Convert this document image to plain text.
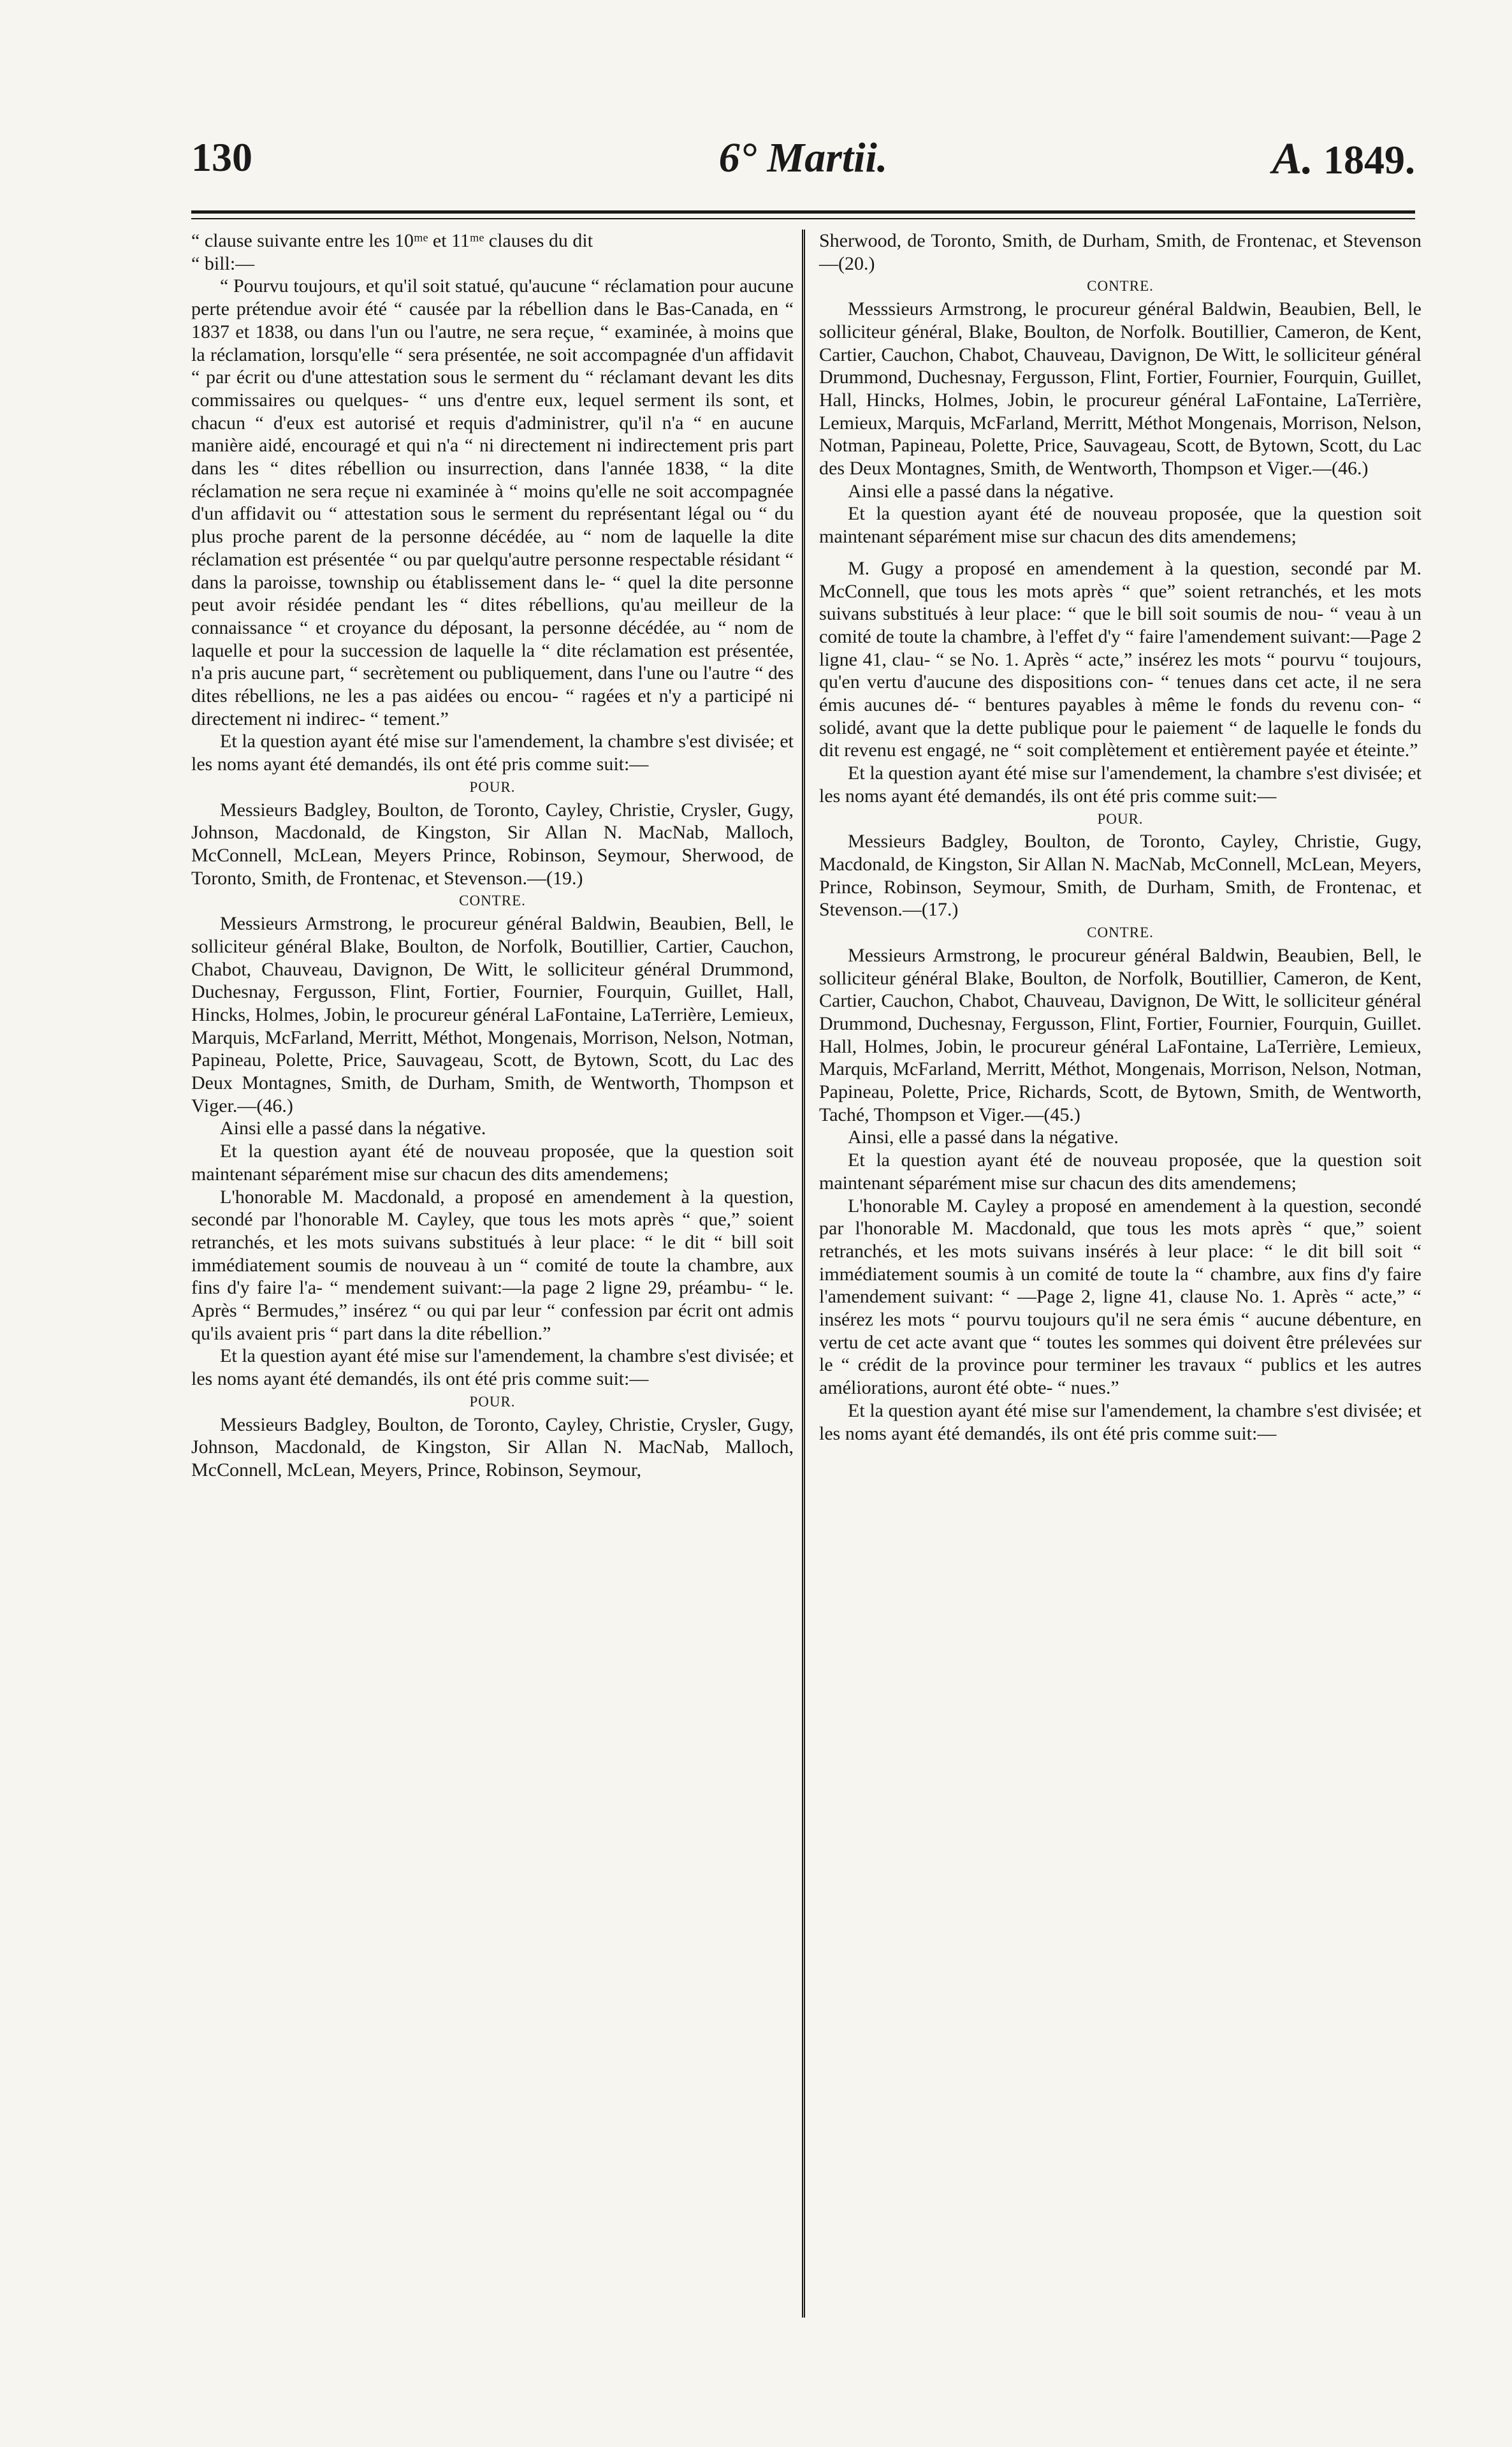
130	6° Martii.	A. 1849.

“ clause suivante entre les 10ᵐᵉ et 11ᵐᵉ clauses du dit
“ bill:—

“ Pourvu toujours, et qu'il soit statué, qu'aucune “ réclamation pour aucune perte prétendue avoir été “ causée par la rébellion dans le Bas-Canada, en “ 1837 et 1838, ou dans l'un ou l'autre, ne sera reçue, “ examinée, à moins que la réclamation, lorsqu'elle “ sera présentée, ne soit accompagnée d'un affidavit “ par écrit ou d'une attestation sous le serment du “ réclamant devant les dits commissaires ou quelques- “ uns d'entre eux, lequel serment ils sont, et chacun “ d'eux est autorisé et requis d'administrer, qu'il n'a “ en aucune manière aidé, encouragé et qui n'a “ ni directement ni indirectement pris part dans les “ dites rébellion ou insurrection, dans l'année 1838, “ la dite réclamation ne sera reçue ni examinée à “ moins qu'elle ne soit accompagnée d'un affidavit ou “ attestation sous le serment du représentant légal ou “ du plus proche parent de la personne décédée, au “ nom de laquelle la dite réclamation est présentée “ ou par quelqu'autre personne respectable résidant “ dans la paroisse, township ou établissement dans le- “ quel la dite personne peut avoir résidée pendant les “ dites rébellions, qu'au meilleur de la connaissance “ et croyance du déposant, la personne décédée, au “ nom de laquelle et pour la succession de laquelle la “ dite réclamation est présentée, n'a pris aucune part, “ secrètement ou publiquement, dans l'une ou l'autre “ des dites rébellions, ne les a pas aidées ou encou- “ ragées et n'y a participé ni directement ni indirec- “ tement.”

Et la question ayant été mise sur l'amendement, la chambre s'est divisée; et les noms ayant été demandés, ils ont été pris comme suit:—

POUR.

Messieurs Badgley, Boulton, de Toronto, Cayley, Christie, Crysler, Gugy, Johnson, Macdonald, de Kingston, Sir Allan N. MacNab, Malloch, McConnell, McLean, Meyers Prince, Robinson, Seymour, Sherwood, de Toronto, Smith, de Frontenac, et Stevenson.—(19.)

CONTRE.

Messieurs Armstrong, le procureur général Baldwin, Beaubien, Bell, le solliciteur général Blake, Boulton, de Norfolk, Boutillier, Cartier, Cauchon, Chabot, Chauveau, Davignon, De Witt, le solliciteur général Drummond, Duchesnay, Fergusson, Flint, Fortier, Fournier, Fourquin, Guillet, Hall, Hincks, Holmes, Jobin, le procureur général LaFontaine, LaTerrière, Lemieux, Marquis, McFarland, Merritt, Méthot, Mongenais, Morrison, Nelson, Notman, Papineau, Polette, Price, Sauvageau, Scott, de Bytown, Scott, du Lac des Deux Montagnes, Smith, de Durham, Smith, de Wentworth, Thompson et Viger.—(46.)

Ainsi elle a passé dans la négative.

Et la question ayant été de nouveau proposée, que la question soit maintenant séparément mise sur chacun des dits amendemens;

L'honorable M. Macdonald, a proposé en amendement à la question, secondé par l'honorable M. Cayley, que tous les mots après “ que,” soient retranchés, et les mots suivans substitués à leur place: “ le dit “ bill soit immédiatement soumis de nouveau à un “ comité de toute la chambre, aux fins d'y faire l'a- “ mendement suivant:—la page 2 ligne 29, préambu- “ le. Après “ Bermudes,” insérez “ ou qui par leur “ confession par écrit ont admis qu'ils avaient pris “ part dans la dite rébellion.”

Et la question ayant été mise sur l'amendement, la chambre s'est divisée; et les noms ayant été demandés, ils ont été pris comme suit:—

POUR.

Messieurs Badgley, Boulton, de Toronto, Cayley, Christie, Crysler, Gugy, Johnson, Macdonald, de Kingston, Sir Allan N. MacNab, Malloch, McConnell, McLean, Meyers, Prince, Robinson, Seymour,

Sherwood, de Toronto, Smith, de Durham, Smith, de Frontenac, et Stevenson—(20.)

CONTRE.

Messsieurs Armstrong, le procureur général Baldwin, Beaubien, Bell, le solliciteur général, Blake, Boulton, de Norfolk. Boutillier, Cameron, de Kent, Cartier, Cauchon, Chabot, Chauveau, Davignon, De Witt, le solliciteur général Drummond, Duchesnay, Fergusson, Flint, Fortier, Fournier, Fourquin, Guillet, Hall, Hincks, Holmes, Jobin, le procureur général LaFontaine, LaTerrière, Lemieux, Marquis, McFarland, Merritt, Méthot Mongenais, Morrison, Nelson, Notman, Papineau, Polette, Price, Sauvageau, Scott, de Bytown, Scott, du Lac des Deux Montagnes, Smith, de Wentworth, Thompson et Viger.—(46.)

Ainsi elle a passé dans la négative.

Et la question ayant été de nouveau proposée, que la question soit maintenant séparément mise sur chacun des dits amendemens;

M. Gugy a proposé en amendement à la question, secondé par M. McConnell, que tous les mots après “ que” soient retranchés, et les mots suivans substitués à leur place: “ que le bill soit soumis de nou- “ veau à un comité de toute la chambre, à l'effet d'y “ faire l'amendement suivant:—Page 2 ligne 41, clau- “ se No. 1. Après “ acte,” insérez les mots “ pourvu “ toujours, qu'en vertu d'aucune des dispositions con- “ tenues dans cet acte, il ne sera émis aucunes dé- “ bentures payables à même le fonds du revenu con- “ solidé, avant que la dette publique pour le paiement “ de laquelle le fonds du dit revenu est engagé, ne “ soit complètement et entièrement payée et éteinte.”

Et la question ayant été mise sur l'amendement, la chambre s'est divisée; et les noms ayant été demandés, ils ont été pris comme suit:—

POUR.

Messieurs Badgley, Boulton, de Toronto, Cayley, Christie, Gugy, Macdonald, de Kingston, Sir Allan N. MacNab, McConnell, McLean, Meyers, Prince, Robinson, Seymour, Smith, de Durham, Smith, de Frontenac, et Stevenson.—(17.)

CONTRE.

Messieurs Armstrong, le procureur général Baldwin, Beaubien, Bell, le solliciteur général Blake, Boulton, de Norfolk, Boutillier, Cameron, de Kent, Cartier, Cauchon, Chabot, Chauveau, Davignon, De Witt, le solliciteur général Drummond, Duchesnay, Fergusson, Flint, Fortier, Fournier, Fourquin, Guillet. Hall, Holmes, Jobin, le procureur général LaFontaine, LaTerrière, Lemieux, Marquis, McFarland, Merritt, Méthot, Mongenais, Morrison, Nelson, Notman, Papineau, Polette, Price, Richards, Scott, de Bytown, Smith, de Wentworth, Taché, Thompson et Viger.—(45.)

Ainsi, elle a passé dans la négative.

Et la question ayant été de nouveau proposée, que la question soit maintenant séparément mise sur chacun des dits amendemens;

L'honorable M. Cayley a proposé en amendement à la question, secondé par l'honorable M. Macdonald, que tous les mots après “ que,” soient retranchés, et les mots suivans insérés à leur place: “ le dit bill soit “ immédiatement soumis à un comité de toute la “ chambre, aux fins d'y faire l'amendement suivant: “ —Page 2, ligne 41, clause No. 1. Après “ acte,” “ insérez les mots “ pourvu toujours qu'il ne sera émis “ aucune débenture, en vertu de cet acte avant que “ toutes les sommes qui doivent être prélevées sur le “ crédit de la province pour terminer les travaux “ publics et les autres améliorations, auront été obte- “ nues.”

Et la question ayant été mise sur l'amendement, la chambre s'est divisée; et les noms ayant été demandés, ils ont été pris comme suit:—
